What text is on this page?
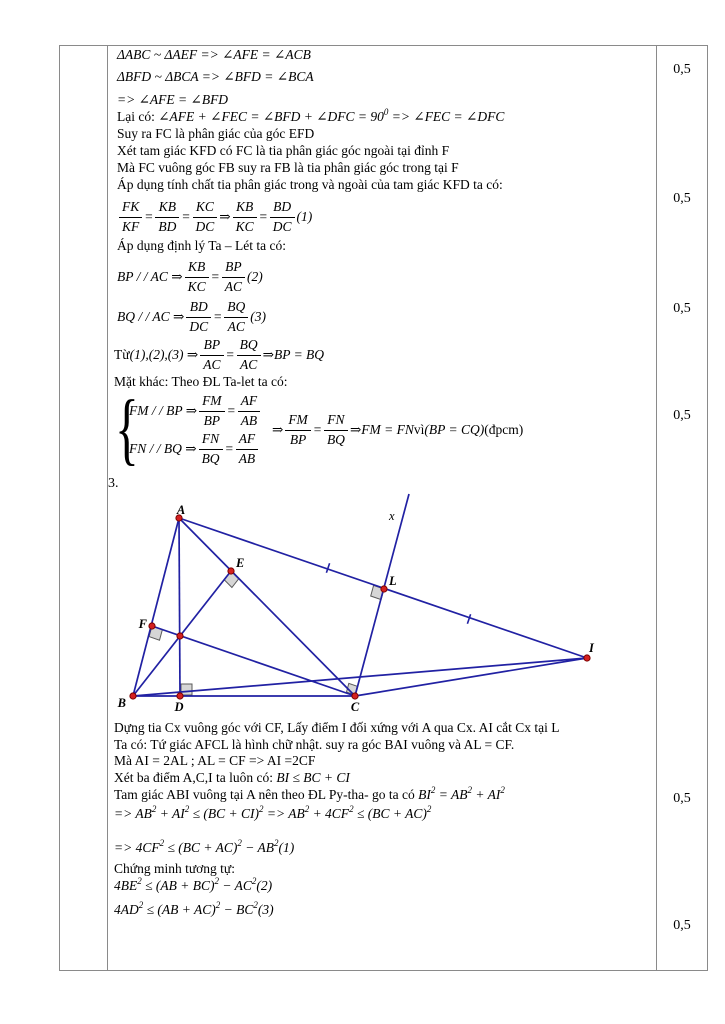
ΔABC ~ ΔAEF => ∠AFE = ∠ACB
ΔBFD ~ ΔBCA => ∠BFD = ∠BCA
=> ∠AFE = ∠BFD
Lại có: ∠AFE + ∠FEC = ∠BFD + ∠DFC = $90^0$ => ∠FEC = ∠DFC
Suy ra FC là phân giác của góc EFD
Xét tam giác KFD có FC là tia phân giác góc ngoài tại đỉnh F
Mà FC vuông góc FB suy ra FB là tia phân giác góc trong tại F
Áp dụng tính chất tia phân giác trong và ngoài của tam giác KFD ta có:
$\frac{FK}{KF} = \frac{KB}{BD} = \frac{KC}{DC}$ ⇒ $\frac{KB}{KC} = \frac{BD}{DC} (1)$
Áp dụng định lý Ta – Lét ta có:
BP / / AC ⇒ $\frac{KB}{KC} = \frac{BP}{AC} (2)$
BQ / / AC ⇒ $\frac{BD}{DC} = \frac{BQ}{AC} (3)$
Từ (1),(2),(3) ⇒ $\frac{BP}{AC} = \frac{BQ}{AC}$ ⇒ BP = BQ
Mặt khác: Theo ĐL Ta-let ta có:
{
FM / / BP ⇒ $\frac{FM}{BP} = \frac{AF}{AB}$
FN / / BQ ⇒ $\frac{FN}{BQ} = \frac{AF}{AB}$
⇒ $\frac{FM}{BP} = \frac{FN}{BQ}$ ⇒ FM = FN vì (BP = CQ) (đpcm)
3.
A
B	C
D
E
F
L
I
x
Dựng tia Cx vuông góc với CF, Lấy điểm I đối xứng với A qua Cx. AI cắt Cx tại L
Ta có: Tứ giác AFCL là hình chữ nhật. suy ra góc BAI vuông và AL = CF.
Mà AI = 2AL ; AL = CF => AI =2CF
Xét ba điểm A,C,I ta luôn có: BI ≤ BC + CI
Tam giác ABI vuông tại A nên theo ĐL Py-tha- go ta có $BI^2 = AB^2 + AI^2$
=> $AB^2 + AI^2 \le (BC + CI)^2 => AB^2 + 4CF^2 \le (BC + AC)^2$
=> $4CF^2 \le (BC + AC)^2 - AB^2(1)$
Chứng minh tương tự:
$4BE^2 \le (AB + BC)^2 - AC^2(2)$
$4AD^2 \le (AB + AC)^2 - BC^2(3)$
0,5
0,5
0,5
0,5
0,5
0,5
